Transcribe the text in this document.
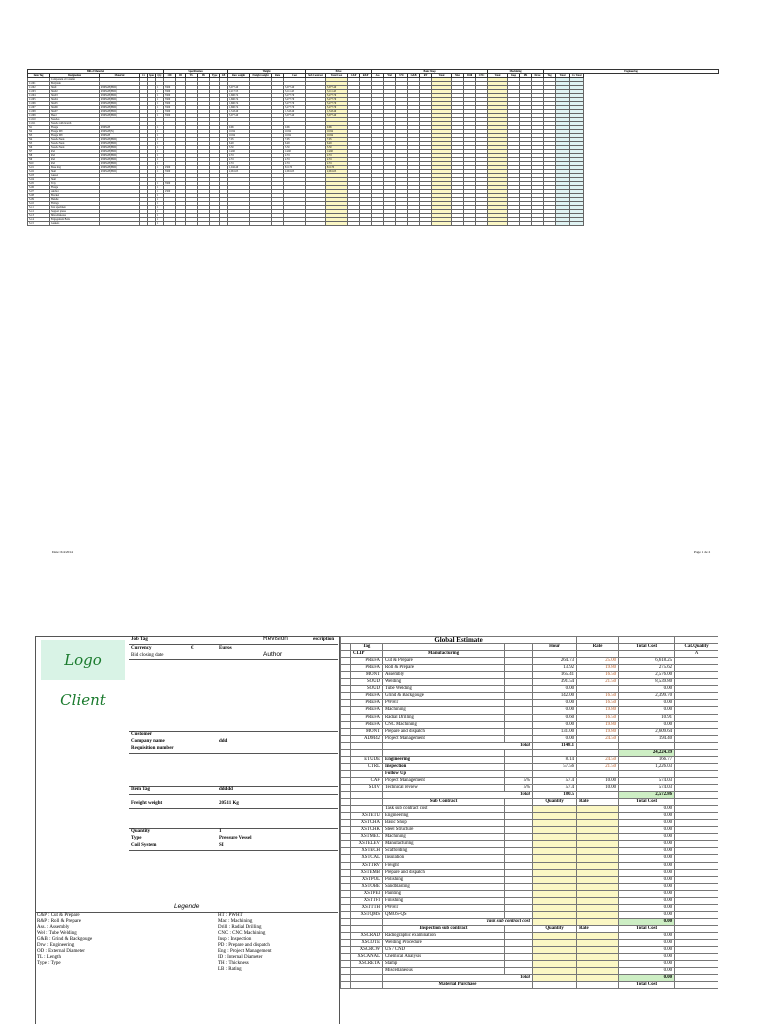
Bill of Material						Specification						Weight				Price				Basic Shop									Machining				Engineering		
Item Tag	Designation	Material	Ct	Spec	Qty	OD	ID	TL	Ht	Type	LB	Raw weight	Freight weight	Rate	Cost	Sub Contract	Total Cost	C&P	R&P	Ass	Wel	UW	G&B	RT	Total	Mac	Drill	CNC	Total	Insp	PR	Draw	Tag	Total	Ct. Total
	Component of Column																																		
C-001	Bodyside																																		
C-002	Shell	P265GH(BSD)			1	3500						3,077.40			3,077.40		3,077.40																		
C-003	Shell2	P265GH(BSD)			1	3500						2,217.53			3,111.43		3,111.43																		
C-004	Shell3	P265GH(BSD)			1	3500						1,690.74			3,277.79		3,277.79																		
C-005	Shell4	P265GH(BSD)			1	3500						1,690.74			3,277.79		3,277.79																		
C-006	Shell5	P265GH(BSD)			1	3500						1,690.74			3,277.79		3,277.79																		
C-007	Shell6	P265GH(BSD)			1	3500						1,690.74			3,277.79		3,277.79																		
C-008	Shell7	P265GH(BSD)			1	3500						1,543.49			1,543.49		1,543.49																		
C-009	Head	P265GH(BSD)			1	3500						3,077.40			3,077.40		3,077.40																		
C-010	Nozzles																																		
C-011	Nozzle with branch																																		
N1	Flange	P265GH			1							0.96			0.96		0.96																		
N2	Flange DN	P265GH(N)			1							10.84			10.84		10.84																		
N3	Flange DN	P265GH			1							10.84			10.84		10.84																		
N4	Nozzle Neck	P265GH(BSD)			1							7.05			7.05		7.05																		
N5	Nozzle Neck	P265GH(BSD)			1							6.48			6.48		6.48																		
N6	Nozzle Neck	P265GH(BSD)			1							3.50			3.50		3.50																		
N7	Pad	P265GH(BSD)			1							14.60			14.60		14.60																		
N8	Pad	P265GH(BSD)			1							2.53			2.53		2.53																		
N9	Pad	P265GH(BSD)			1							2.53			2.53		2.53																		
N10	Pad	P265GH(BSD)			1							2.53			2.53		2.53																		
S-01	Base ring	P265GH(BSD)			1	2500						1,042.40			811.70		811.70																		
S-02	Skirt	P265GH(BSD)			1	3500						2,061.65			2,061.65		2,061.65																		
S-03	Gusset																																		
S-04	Skirt																																		
S-05	Tray				1	3500																													
S-06	Flange				1																														
S-07	Anchor				1	2500																													
S-08	Bracket				1																														
S-09	Handle				1																														
S-10	Fixings				1																														
S-11	Test specimen				1																														
S-12	Support plates				1																														
S-13	Miscellaneous				1																														
S-14	Engagement Bolts				1																														
S-15	Gaskets				1																														
Date: 6/4/2014	Page 1 de 2
Logo Client
Job Tag	Revision	escription
Currency	€	Euros
Bid closing date	Author
Customer
Company name	ddd
Requisition number
Item Tag	ddddd
Freight weight	20511 Kg
Quantity	1
Type	Pressure Vessel
Coil System	SI
Legende
C&P : Cut & Prepare
R&P : Roll & Prepare
Ass. : Assembly
Wel : Tube Welding
G&B : Grind & Backgouge
Drw : Engineering
OD : External Diameter
TL : Length
Type : Type
HT : PWHT
Mac : Machining
Drill : Radial Drilling
CNC : CNC Machining
Insp : Inspection
PD : Prepare and dispatch
Eng : Project Management
ID : Internal Diameter
TH : Thickness
LB : Rating
Global Estimate							
	Tag			Hour	Rate	Total Cost	Cat.Quality
	CLIP	Manufacturing					A
	PREFA	Cut & Prepare		264.73	25.00	6,618.25	
	PREFA	Roll & Prepare		13.92	19.80	275.62	
	MONT	Assembly		165.41	16.50	2,576.00	
	SOUD	Welding		391.54	21.50	8,539.80	
	SOUD	Tube Welding		0.00		0.00	
	PREFA	Grind & Backgouge		142.00	16.50	2,399.70	
	PREFA	PWHT		0.00	16.50	0.00	
	PREFA	Machining		0.00	19.80	0.00	
	PREFA	Radial Drilling		0.60	16.50	10.91	
	PREFA	CNC Machining		0.00	19.80	0.00	
	MONT	Prepare and dispatch		131.00	19.80	2,609.64	
	ADM42	Project Management		0.00	24.50	194.40	
		Total		1148.1			
						24,224.39	
	ETUDE	Engineering		8.14	24.50	166.77	
	CTRL	Inspection		57.56	21.50	1,226.03	
		Follow Up					
	CAF	Project Management	5%	57.4	10.00	574.03	
	SUIV	Technical review	5%	57.4	10.00	574.03	
		Total		180.5		2,572.86	
		Sub Contract		Quantity	Rate	Total Cost	
		Task sub contract cost				0.00	
	XSTETU	Engineering				0.00	
	XSTCHA	Basic Shop				0.00	
	XSTCHK	Steel Structure				0.00	
	XSTMEC	Machining				0.00	
	XSTELEV	Manufacturing				0.00	
	XSTECH	Scaffolding				0.00	
	XSTCAL	Insulation				0.00	
	XSTTRV	Freight				0.00	
	XSTEMB	Prepare and dispatch				0.00	
	XSTPOL	Polishing				0.00	
	XSTOBE	Sandblasting				0.00	
	XSTPEI	Painting				0.00	
	XSTTFI	Finishing				0.00	
	XSTTTH	PWHT				0.00	
	XSTQMS	QMOS-QS				0.00	
		Task sub contract cost				0.00	
		Inspection sub contract		Quantity	Rate	Total Cost	
	XSCRAD	Radiographic examination				0.00	
	XSCOTE	Welding Procedure				0.00	
	XSCRCW	US / CND				0.00	
	XSCANAL	Chemical Analysis				0.00	
	XSCRETA	Stamp				0.00	
		Miscellaneous				0.00	
		Total				0.00	
		Material Purchase				Total Cost	
